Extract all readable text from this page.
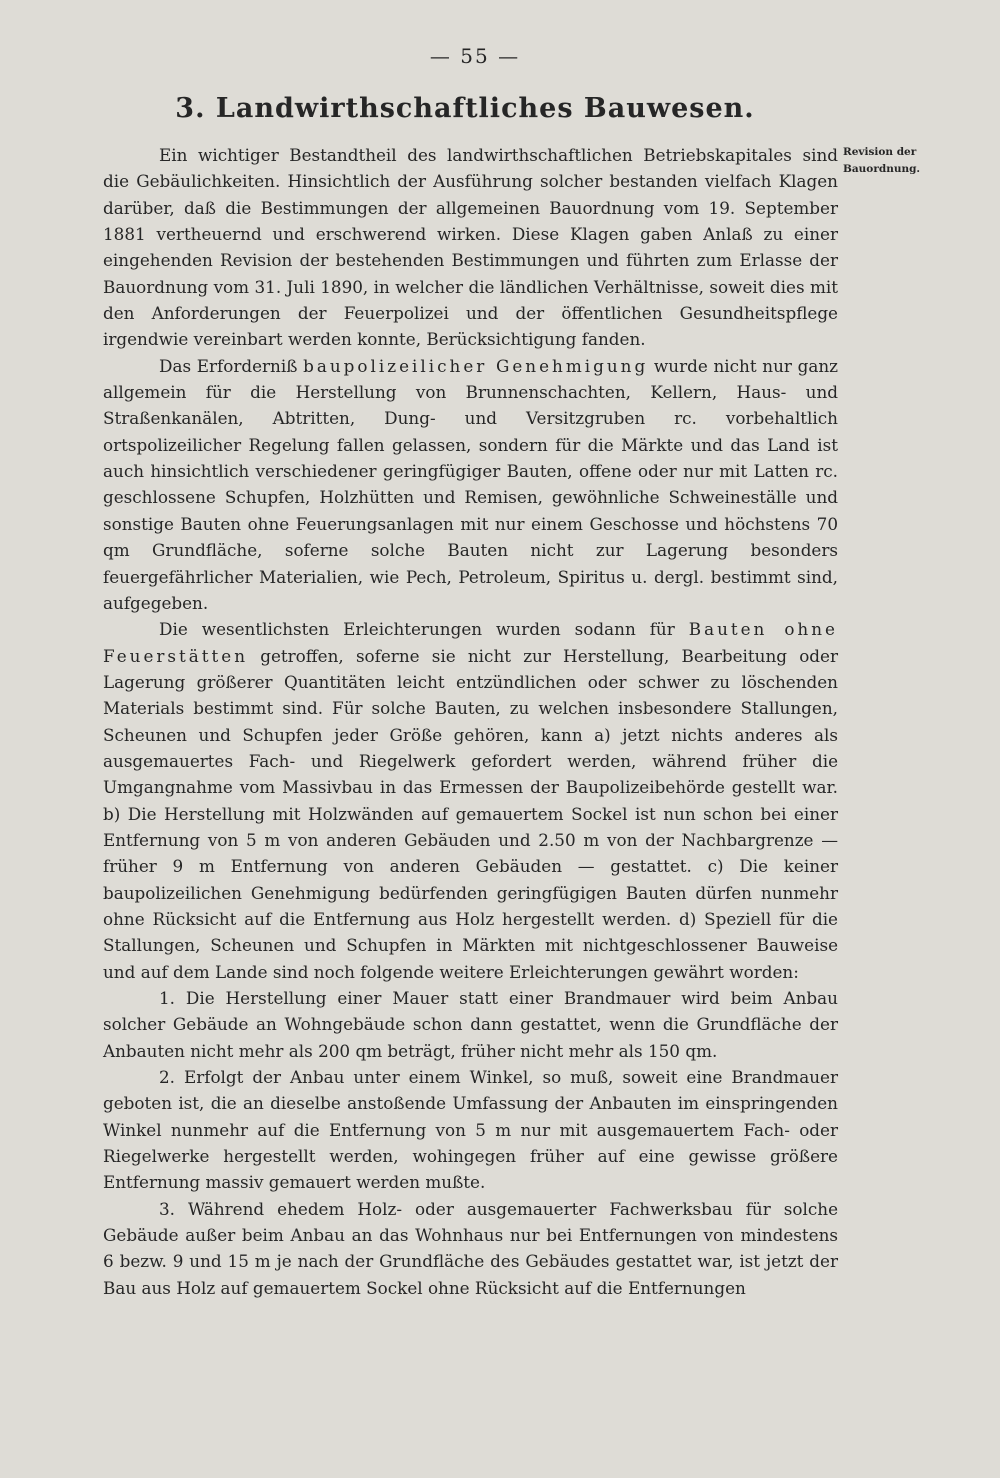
— 55 —
3. Landwirthschaftliches Bauwesen.
Revision der
Bauordnung.

Ein wichtiger Bestandtheil des landwirthschaftlichen Betriebskapitales sind die Gebäulichkeiten. Hinsichtlich der Ausführung solcher bestanden vielfach Klagen darüber, daß die Bestimmungen der allgemeinen Bauordnung vom 19. September 1881 vertheuernd und erschwerend wirken. Diese Klagen gaben Anlaß zu einer eingehenden Revision der bestehenden Bestimmungen und führten zum Erlasse der Bauordnung vom 31. Juli 1890, in welcher die ländlichen Verhältnisse, soweit dies mit den Anforderungen der Feuerpolizei und der öffentlichen Gesundheitspflege irgendwie vereinbart werden konnte, Berücksichtigung fanden.

Das Erforderniß baupolizeilicher Genehmigung wurde nicht nur ganz allgemein für die Herstellung von Brunnenschachten, Kellern, Haus- und Straßenkanälen, Abtritten, Dung- und Versitzgruben rc. vorbehaltlich ortspolizeilicher Regelung fallen gelassen, sondern für die Märkte und das Land ist auch hinsichtlich verschiedener geringfügiger Bauten, offene oder nur mit Latten rc. geschlossene Schupfen, Holzhütten und Remisen, gewöhnliche Schweineställe und sonstige Bauten ohne Feuerungsanlagen mit nur einem Geschosse und höchstens 70 qm Grundfläche, soferne solche Bauten nicht zur Lagerung besonders feuergefährlicher Materialien, wie Pech, Petroleum, Spiritus u. dergl. bestimmt sind, aufgegeben.

Die wesentlichsten Erleichterungen wurden sodann für Bauten ohne Feuerstätten getroffen, soferne sie nicht zur Herstellung, Bearbeitung oder Lagerung größerer Quantitäten leicht entzündlichen oder schwer zu löschenden Materials bestimmt sind. Für solche Bauten, zu welchen insbesondere Stallungen, Scheunen und Schupfen jeder Größe gehören, kann a) jetzt nichts anderes als ausgemauertes Fach- und Riegelwerk gefordert werden, während früher die Umgangnahme vom Massivbau in das Ermessen der Baupolizeibehörde gestellt war. b) Die Herstellung mit Holzwänden auf gemauertem Sockel ist nun schon bei einer Entfernung von 5 m von anderen Gebäuden und 2.50 m von der Nachbargrenze — früher 9 m Entfernung von anderen Gebäuden — gestattet. c) Die keiner baupolizeilichen Genehmigung bedürfenden geringfügigen Bauten dürfen nunmehr ohne Rücksicht auf die Entfernung aus Holz hergestellt werden. d) Speziell für die Stallungen, Scheunen und Schupfen in Märkten mit nichtgeschlossener Bauweise und auf dem Lande sind noch folgende weitere Erleichterungen gewährt worden:

1. Die Herstellung einer Mauer statt einer Brandmauer wird beim Anbau solcher Gebäude an Wohngebäude schon dann gestattet, wenn die Grundfläche der Anbauten nicht mehr als 200 qm beträgt, früher nicht mehr als 150 qm.

2. Erfolgt der Anbau unter einem Winkel, so muß, soweit eine Brandmauer geboten ist, die an dieselbe anstoßende Umfassung der Anbauten im einspringenden Winkel nunmehr auf die Entfernung von 5 m nur mit ausgemauertem Fach- oder Riegelwerke hergestellt werden, wohingegen früher auf eine gewisse größere Entfernung massiv gemauert werden mußte.

3. Während ehedem Holz- oder ausgemauerter Fachwerksbau für solche Gebäude außer beim Anbau an das Wohnhaus nur bei Entfernungen von mindestens 6 bezw. 9 und 15 m je nach der Grundfläche des Gebäudes gestattet war, ist jetzt der Bau aus Holz auf gemauertem Sockel ohne Rücksicht auf die Entfernungen
